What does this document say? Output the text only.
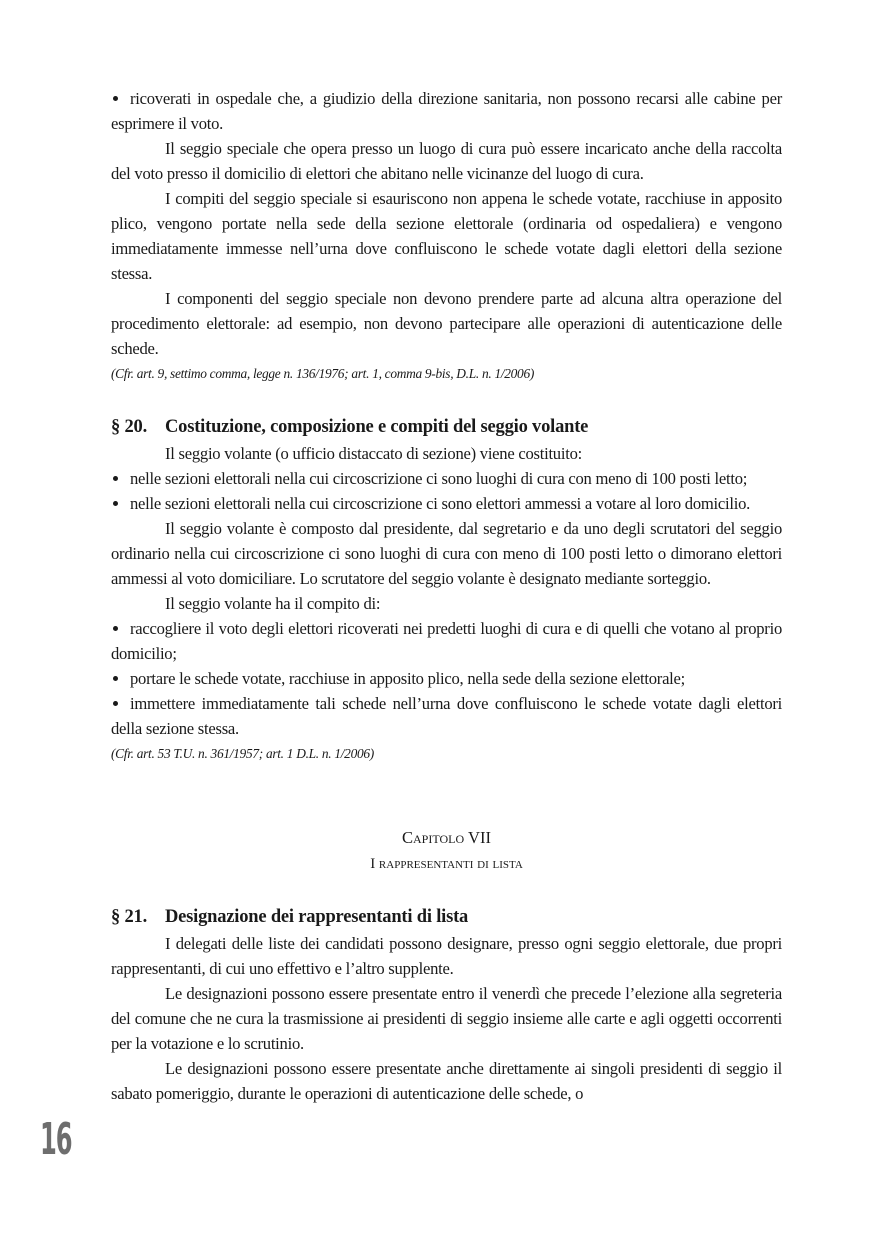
ricoverati in ospedale che, a giudizio della direzione sanitaria, non possono recarsi alle cabine per esprimere il voto.

Il seggio speciale che opera presso un luogo di cura può essere incaricato anche della raccolta del voto presso il domicilio di elettori che abitano nelle vicinanze del luogo di cura.

I compiti del seggio speciale si esauriscono non appena le schede votate, racchiuse in apposito plico, vengono portate nella sede della sezione elettorale (ordinaria od ospedaliera) e vengono immediatamente immesse nell’urna dove confluiscono le schede votate dagli elettori della sezione stessa.

I componenti del seggio speciale non devono prendere parte ad alcuna altra operazione del procedimento elettorale: ad esempio, non devono partecipare alle operazioni di autenticazione delle schede.

(Cfr. art. 9, settimo comma, legge n. 136/1976; art. 1, comma 9-bis, D.L. n. 1/2006)

§ 20. Costituzione, composizione e compiti del seggio volante

Il seggio volante (o ufficio distaccato di sezione) viene costituito:

nelle sezioni elettorali nella cui circoscrizione ci sono luoghi di cura con meno di 100 posti letto;

nelle sezioni elettorali nella cui circoscrizione ci sono elettori ammessi a votare al loro domicilio.

Il seggio volante è composto dal presidente, dal segretario e da uno degli scrutatori del seggio ordinario nella cui circoscrizione ci sono luoghi di cura con meno di 100 posti letto o dimorano elettori ammessi al voto domiciliare. Lo scrutatore del seggio volante è designato mediante sorteggio.

Il seggio volante ha il compito di:

raccogliere il voto degli elettori ricoverati nei predetti luoghi di cura e di quelli che votano al proprio domicilio;

portare le schede votate, racchiuse in apposito plico, nella sede della sezione elettorale;

immettere immediatamente tali schede nell’urna dove confluiscono le schede votate dagli elettori della sezione stessa.

(Cfr. art. 53 T.U. n. 361/1957; art. 1 D.L. n. 1/2006)

Capitolo VII
I rappresentanti di lista
§ 21. Designazione dei rappresentanti di lista

I delegati delle liste dei candidati possono designare, presso ogni seggio elettorale, due propri rappresentanti, di cui uno effettivo e l’altro supplente.

Le designazioni possono essere presentate entro il venerdì che precede l’elezione alla segreteria del comune che ne cura la trasmissione ai presidenti di seggio insieme alle carte e agli oggetti occorrenti per la votazione e lo scrutinio.

Le designazioni possono essere presentate anche direttamente ai singoli presidenti di seggio il sabato pomeriggio, durante le operazioni di autenticazione delle schede, o

16
